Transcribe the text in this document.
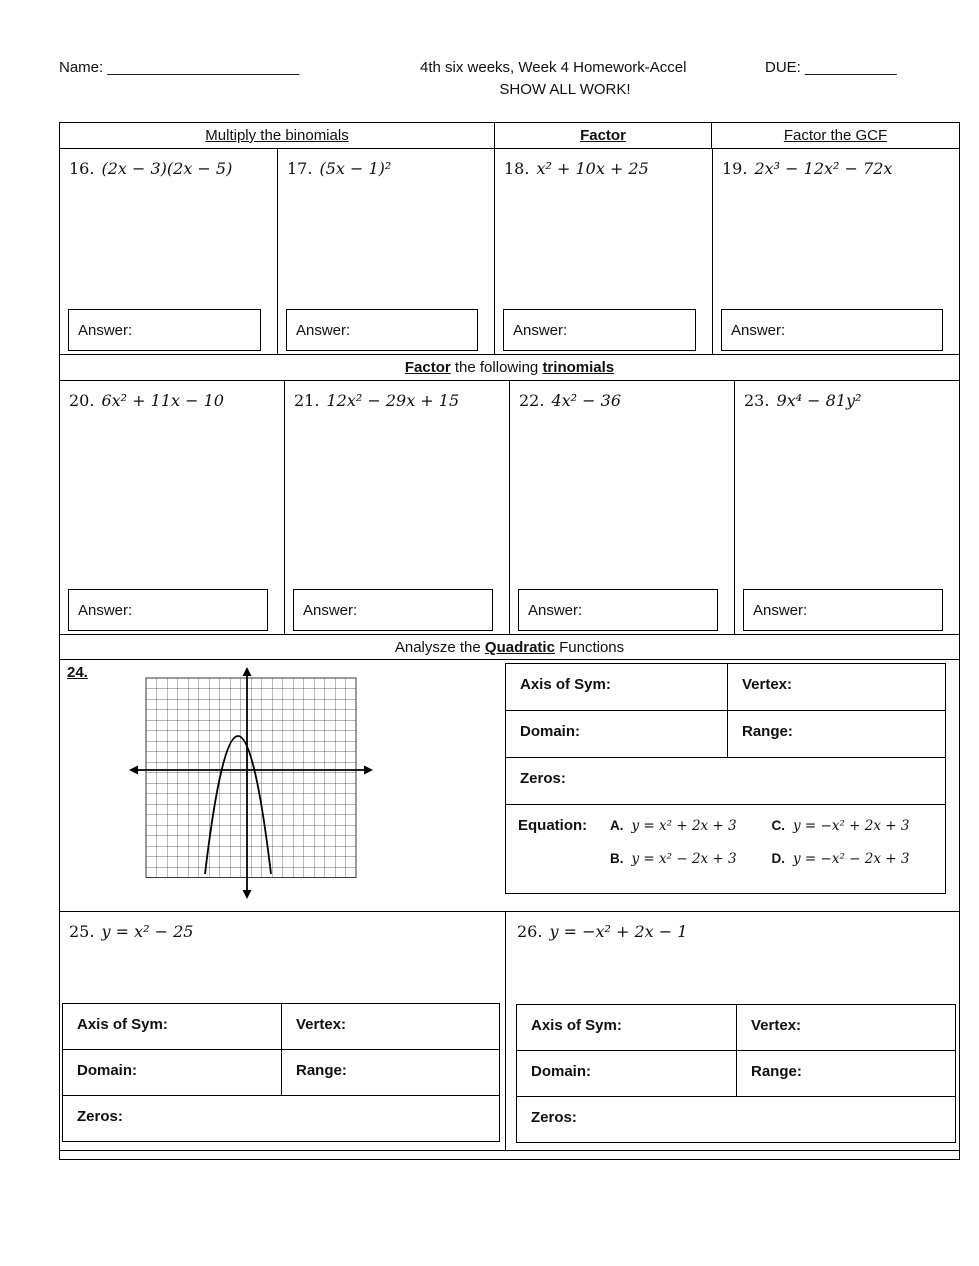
Name: _______________________	4th six weeks, Week 4 Homework-Accel	DUE: ___________
SHOW ALL WORK!
Multiply the binomials	Factor	Factor the GCF
16. (2x − 3)(2x − 5)
Answer:
17. (5x − 1)²
Answer:
18. x² + 10x + 25
Answer:
19. 2x³ − 12x² − 72x
Answer:
Factor the following trinomials
20. 6x² + 11x − 10
Answer:
21. 12x² − 29x + 15
Answer:
22. 4x² − 36
Answer:
23. 9x⁴ − 81y²
Answer:
Analysze the Quadratic Functions
24.
Axis of Sym:	Vertex:
Domain:	Range:
Zeros:
Equation: A. y = x² + 2x + 3	C. y = −x² + 2x + 3
B. y = x² − 2x + 3	D. y = −x² − 2x + 3
25. y = x² − 25
Axis of Sym:	Vertex:
Domain:	Range:
Zeros:
26. y = −x² + 2x − 1
Axis of Sym:	Vertex:
Domain:	Range:
Zeros:
